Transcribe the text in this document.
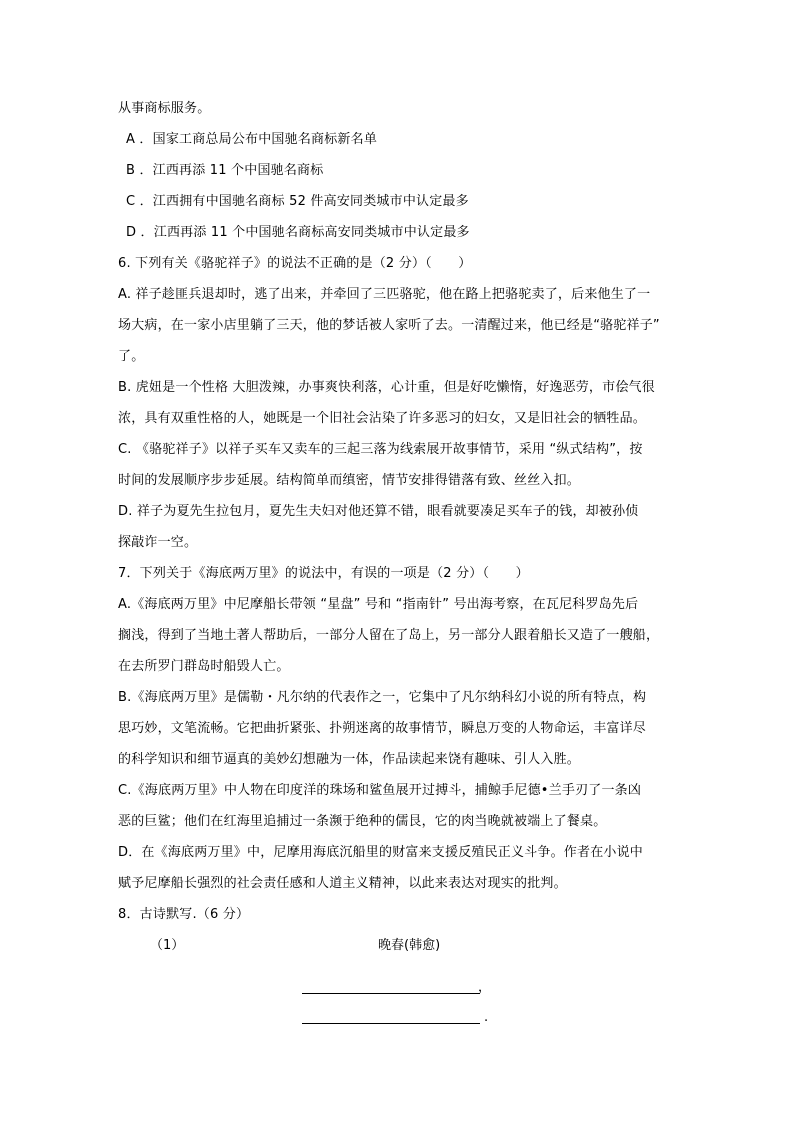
从事商标服务。
A ．国家工商总局公布中国驰名商标新名单
B ．江西再添 11 个中国驰名商标
C ．江西拥有中国驰名商标 52 件高安同类城市中认定最多
D ．江西再添 11 个中国驰名商标高安同类城市中认定最多
6. 下列有关《骆驼祥子》的说法不正确的是（2 分）（　　）
A. 祥子趁匪兵退却时，逃了出来，并牵回了三匹骆驼，他在路上把骆驼卖了，后来他生了一
场大病，在一家小店里躺了三天，他的梦话被人家听了去。一清醒过来，他已经是“骆驼祥子”
了。
B. 虎妞是一个性格 大胆泼辣，办事爽快利落，心计重，但是好吃懒惰，好逸恶劳，市侩气很
浓，具有双重性格的人，她既是一个旧社会沾染了许多恶习的妇女，又是旧社会的牺牲品。
C. 《骆驼祥子》以祥子买车又卖车的三起三落为线索展开故事情节，采用 “纵式结构”，按
时间的发展顺序步步延展。结构简单而缜密，情节安排得错落有致、丝丝入扣。
D. 祥子为夏先生拉包月，夏先生夫妇对他还算不错，眼看就要凑足买车子的钱，却被孙侦
探敲诈一空。
7．下列关于《海底两万里》的说法中，有误的一项是（2 分）（　　）
A.《海底两万里》中尼摩船长带领 “星盘” 号和 “指南针” 号出海考察，在瓦尼科罗岛先后
搁浅，得到了当地土著人帮助后，一部分人留在了岛上，另一部分人跟着船长又造了一艘船，
在去所罗门群岛时船毁人亡。
B.《海底两万里》是儒勒・凡尔纳的代表作之一，它集中了凡尔纳科幻小说的所有特点，构
思巧妙，文笔流畅。它把曲折紧张、扑朔迷离的故事情节，瞬息万变的人物命运，丰富详尽
的科学知识和细节逼真的美妙幻想融为一体，作品读起来饶有趣味、引人入胜。
C.《海底两万里》中人物在印度洋的珠场和鲨鱼展开过搏斗，捕鲸手尼德•兰手刃了一条凶
恶的巨鲨；他们在红海里追捕过一条濒于绝种的儒艮，它的肉当晚就被端上了餐桌。
D．在《海底两万里》中，尼摩用海底沉船里的财富来支援反殖民正义斗争。作者在小说中
赋予尼摩船长强烈的社会责任感和人道主义精神，以此来表达对现实的批判。
8．古诗默写.（6 分）
（1）	晚春(韩愈)
，
.
